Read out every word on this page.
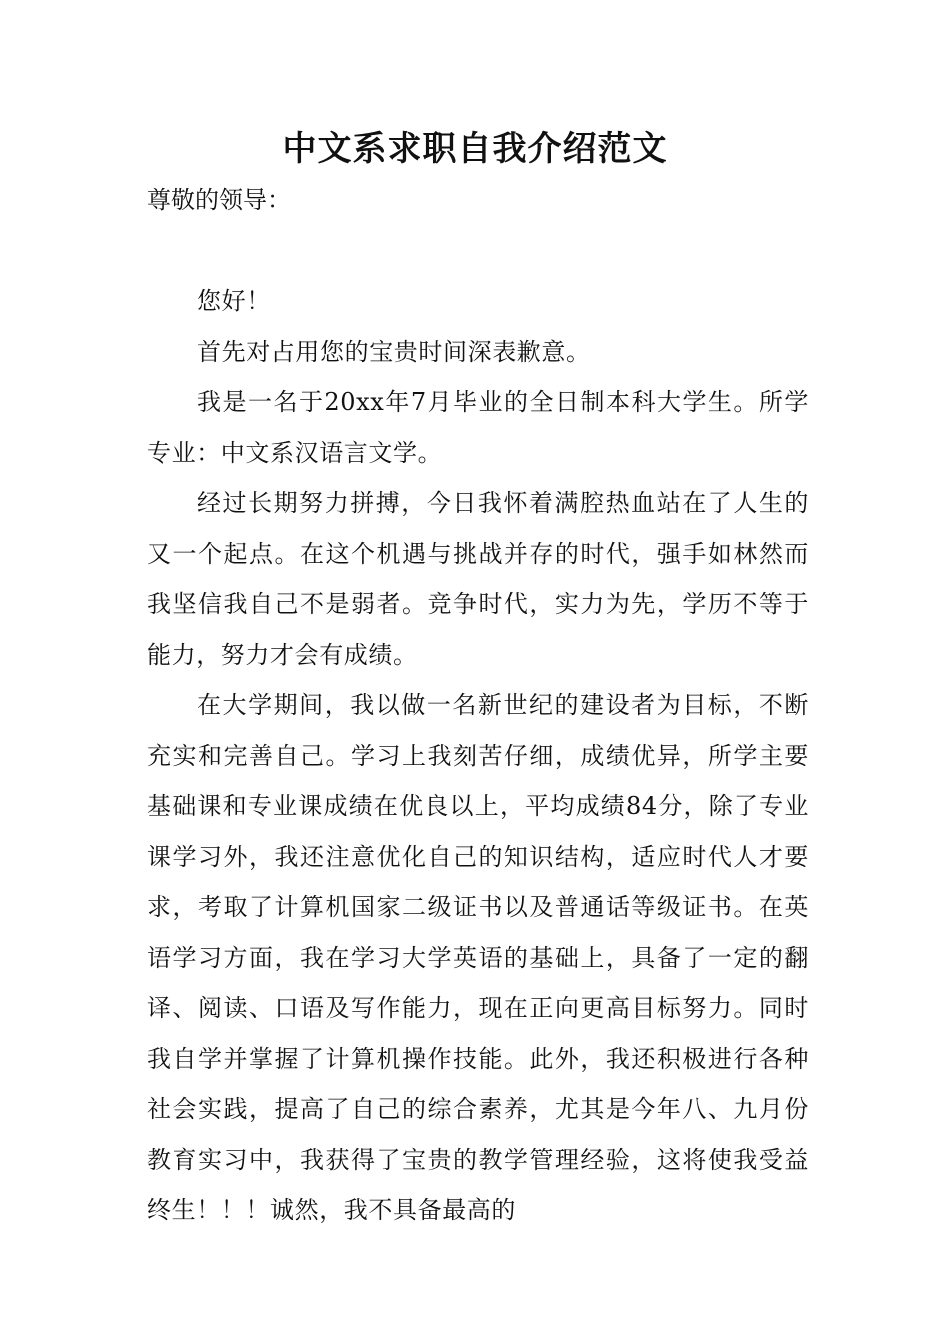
中文系求职自我介绍范文

尊敬的领导：

您好！

首先对占用您的宝贵时间深表歉意。

我是一名于20xx年7月毕业的全日制本科大学生。所学专业：中文系汉语言文学。

经过长期努力拼搏，今日我怀着满腔热血站在了人生的又一个起点。在这个机遇与挑战并存的时代，强手如林然而我坚信我自己不是弱者。竞争时代，实力为先，学历不等于能力，努力才会有成绩。

在大学期间，我以做一名新世纪的建设者为目标，不断充实和完善自己。学习上我刻苦仔细，成绩优异，所学主要基础课和专业课成绩在优良以上，平均成绩84分，除了专业课学习外，我还注意优化自己的知识结构，适应时代人才要求，考取了计算机国家二级证书以及普通话等级证书。在英语学习方面，我在学习大学英语的基础上，具备了一定的翻译、阅读、口语及写作能力，现在正向更高目标努力。同时我自学并掌握了计算机操作技能。此外，我还积极进行各种社会实践，提高了自己的综合素养，尤其是今年八、九月份教育实习中，我获得了宝贵的教学管理经验，这将使我受益终生！！！诚然，我不具备最高的
